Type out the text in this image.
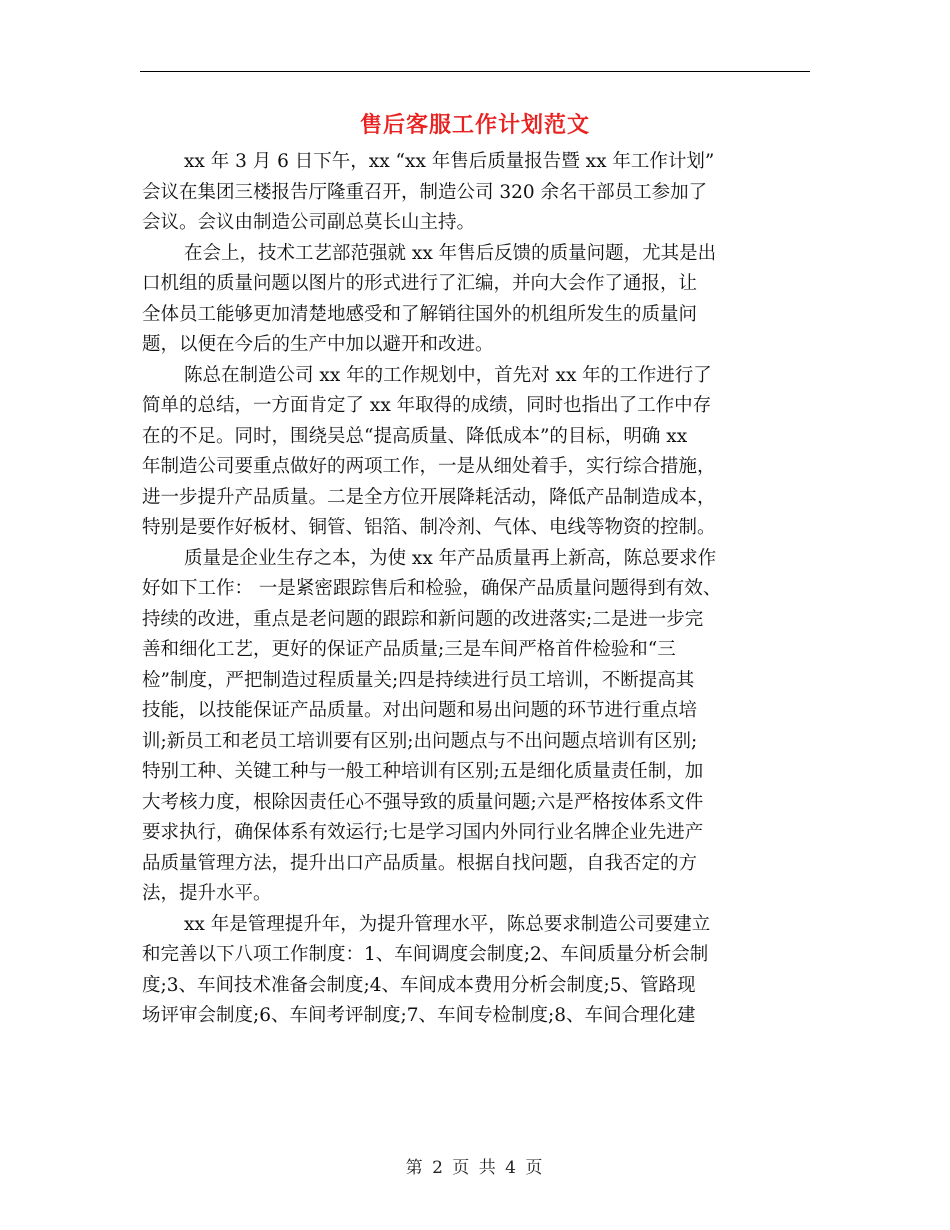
售后客服工作计划范文
xx 年 3 月 6 日下午，xx “xx 年售后质量报告暨 xx 年工作计划”
会议在集团三楼报告厅隆重召开，制造公司 320 余名干部员工参加了
会议。会议由制造公司副总莫长山主持。
在会上，技术工艺部范强就 xx 年售后反馈的质量问题，尤其是出
口机组的质量问题以图片的形式进行了汇编，并向大会作了通报，让
全体员工能够更加清楚地感受和了解销往国外的机组所发生的质量问
题，以便在今后的生产中加以避开和改进。
陈总在制造公司 xx 年的工作规划中，首先对 xx 年的工作进行了
简单的总结，一方面肯定了 xx 年取得的成绩，同时也指出了工作中存
在的不足。同时，围绕吴总“提高质量、降低成本”的目标，明确 xx
年制造公司要重点做好的两项工作，一是从细处着手，实行综合措施，
进一步提升产品质量。二是全方位开展降耗活动，降低产品制造成本，
特别是要作好板材、铜管、铝箔、制冷剂、气体、电线等物资的控制。
质量是企业生存之本，为使 xx 年产品质量再上新高，陈总要求作
好如下工作： 一是紧密跟踪售后和检验，确保产品质量问题得到有效、
持续的改进，重点是老问题的跟踪和新问题的改进落实;二是进一步完
善和细化工艺，更好的保证产品质量;三是车间严格首件检验和“三
检”制度，严把制造过程质量关;四是持续进行员工培训，不断提高其
技能，以技能保证产品质量。对出问题和易出问题的环节进行重点培
训;新员工和老员工培训要有区别;出问题点与不出问题点培训有区别;
特别工种、关键工种与一般工种培训有区别;五是细化质量责任制，加
大考核力度，根除因责任心不强导致的质量问题;六是严格按体系文件
要求执行，确保体系有效运行;七是学习国内外同行业名牌企业先进产
品质量管理方法，提升出口产品质量。根据自找问题，自我否定的方
法，提升水平。
xx 年是管理提升年，为提升管理水平，陈总要求制造公司要建立
和完善以下八项工作制度：1、车间调度会制度;2、车间质量分析会制
度;3、车间技术准备会制度;4、车间成本费用分析会制度;5、管路现
场评审会制度;6、车间考评制度;7、车间专检制度;8、车间合理化建
第 2 页 共 4 页
